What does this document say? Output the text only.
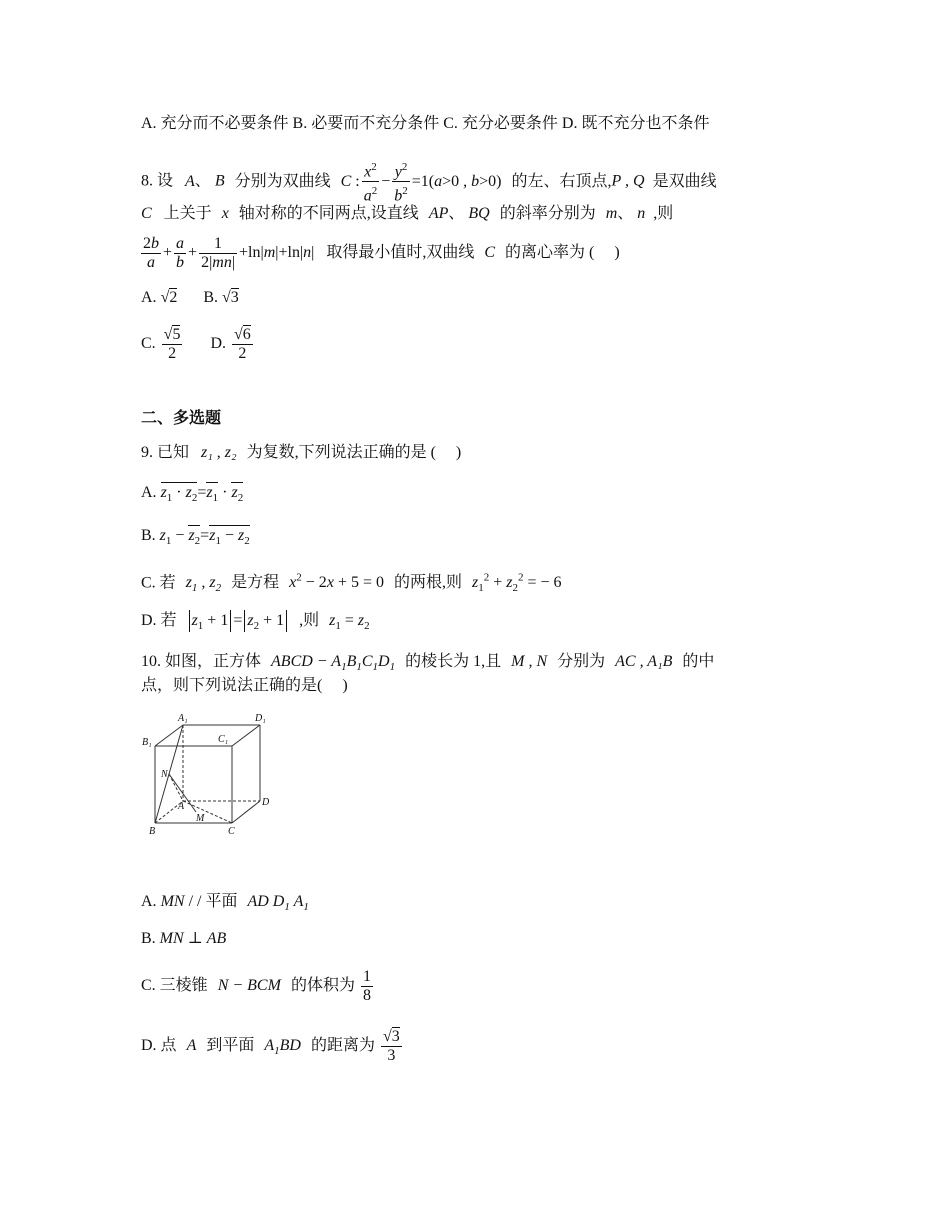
A. 充分而不必要条件 B. 必要而不充分条件 C. 充分必要条件 D. 既不充分也不条件
8. 设 A、 B 分别为双曲线 C : $\frac{x^2}{a^2} - \frac{y^2}{b^2} =1(a>0$ , b>0) 的左、右顶点,P , Q 是双曲线
C 上关于 x 轴对称的不同两点,设直线 AP、 BQ 的斜率分别为 m、 n ,则
$\frac{2b}{a} + \frac{a}{b} + \frac{1}{2|mn|} +\ln|m|+\ln|n|$ 取得最小值时,双曲线 C 的离心率为 (　 )
A. √2 B. √3
C. $\frac{√5}{2} D$. $\frac{√6}{2}$
二、多选题
9. 已知 z₁ , z₂ 为复数,下列说法正确的是 (　 )
A. $z_1 \cdot z_2=z_1 \cdot z_2$
B. $z_1 - z_2=z_1 - z_2$
C. 若 $z_1$ , $z_2$ 是方程 $x^2 - 2x + 5 = 0$ 的两根,则 $z_1^2 + z_2^2$ = − 6
D. 若 $z_1 + 1 = z_2 + 1$ ,则 $z_1 = z_2$
10. 如图，正方体 ABCD − $A_1B_1C_1D_1$ 的棱长为 1,且 M , N 分别为 AC , A₁B 的中
点，则下列说法正确的是(　 )
A₁	D₁
B₁	C₁
N
A	D
M
B	C
A. MN / / 平面 AD $D_1$ $A_1$
B. MN ⊥ AB
C. 三棱锥 N − BCM 的体积为 $\frac{1}{8}$
D. 点 A 到平面 $A_1BD$ 的距离为 $\frac{√3}{3}$
